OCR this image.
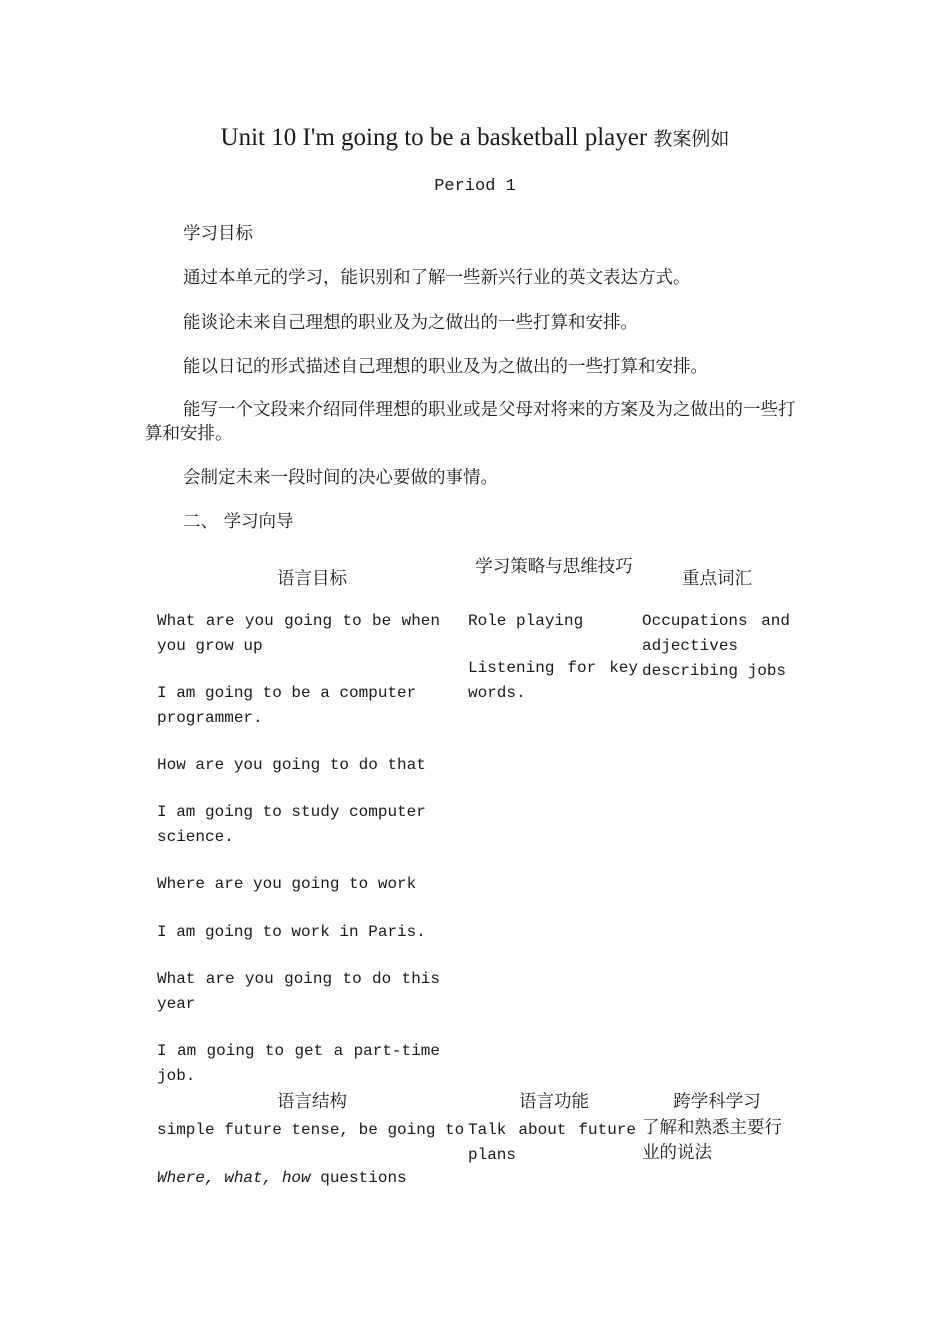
Unit 10 I'm going to be a basketball player 教案例如
Period 1
学习目标
通过本单元的学习，能识别和了解一些新兴行业的英文表达方式。
能谈论未来自己理想的职业及为之做出的一些打算和安排。
能以日记的形式描述自己理想的职业及为之做出的一些打算和安排。
能写一个文段来介绍同伴理想的职业或是父母对将来的方案及为之做出的一些打算和安排。
会制定未来一段时间的决心要做的事情。
二、 学习向导
语言目标
学习策略与思维技巧
重点词汇
What are you going to be when you grow up
I am going to be a computer programmer.
How are you going to do that
I am going to study computer science.
Where are you going to work
I am going to work in Paris.
What are you going to do this year
I am going to get a part-time job.
Role playing
Listening for key words.
Occupations and adjectives describing jobs
语言结构	语言功能	跨学科学习
simple future tense, be going to
Where, what, how questions
Talk about future plans
了解和熟悉主要行业的说法
